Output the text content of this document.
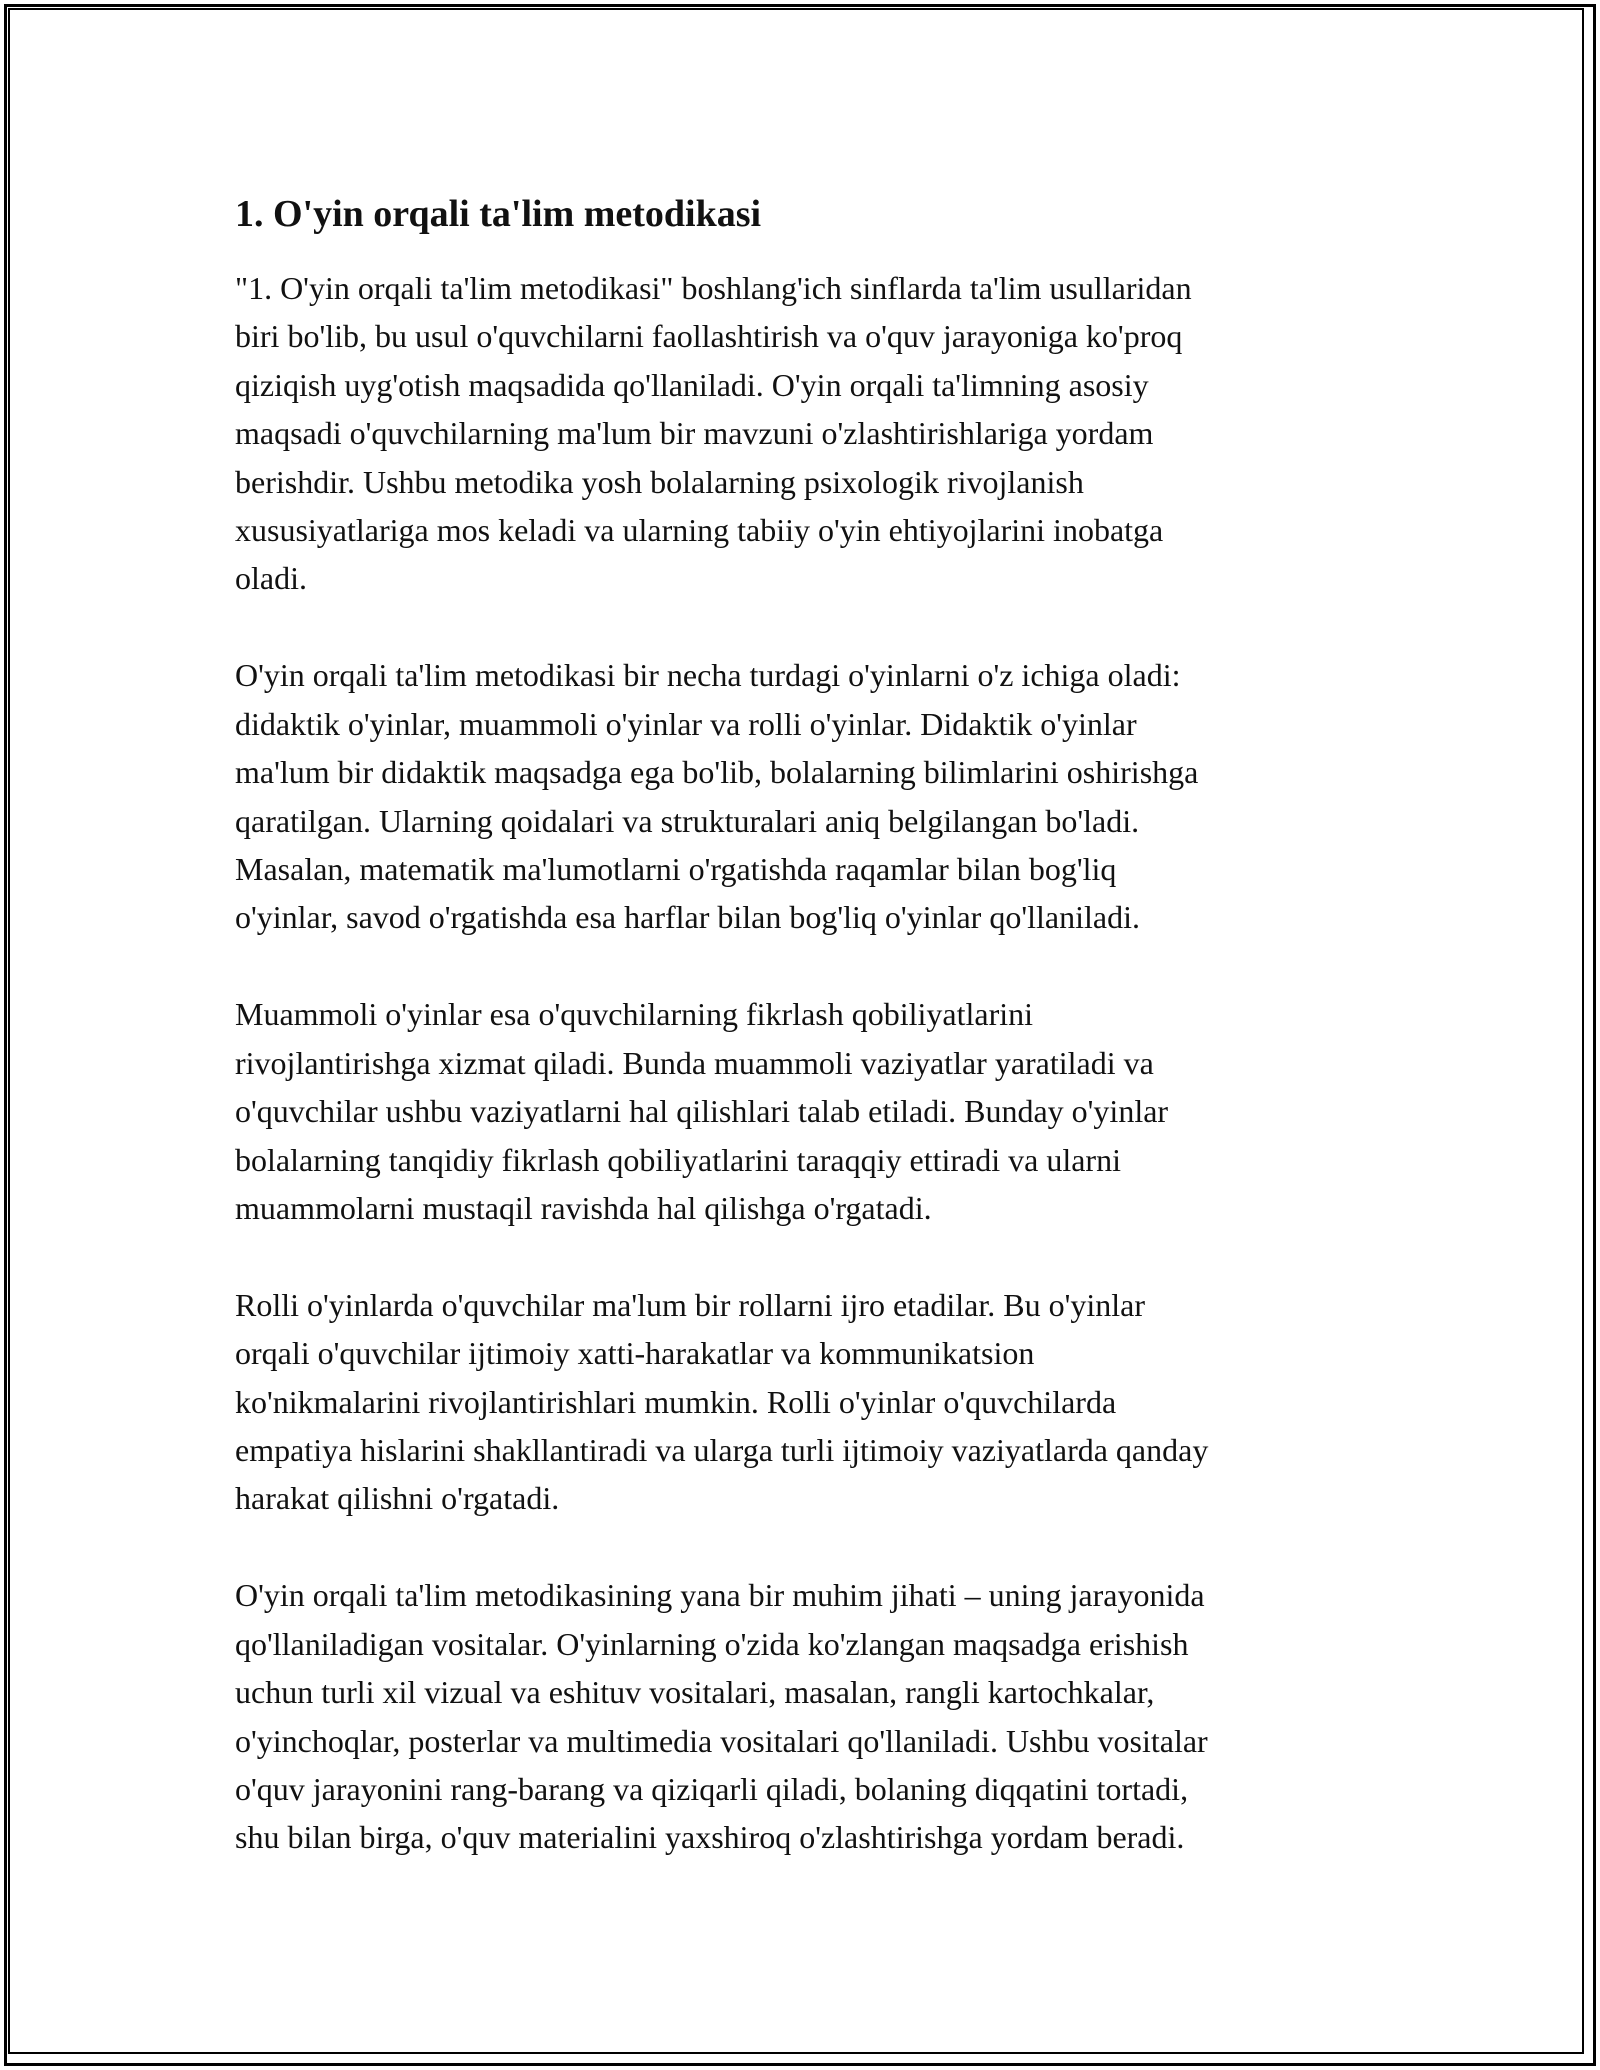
1. O'yin orqali ta'lim metodikasi

"1. O'yin orqali ta'lim metodikasi" boshlang'ich sinflarda ta'lim usullaridan
biri bo'lib, bu usul o'quvchilarni faollashtirish va o'quv jarayoniga ko'proq
qiziqish uyg'otish maqsadida qo'llaniladi. O'yin orqali ta'limning asosiy
maqsadi o'quvchilarning ma'lum bir mavzuni o'zlashtirishlariga yordam
berishdir. Ushbu metodika yosh bolalarning psixologik rivojlanish
xususiyatlariga mos keladi va ularning tabiiy o'yin ehtiyojlarini inobatga
oladi.

O'yin orqali ta'lim metodikasi bir necha turdagi o'yinlarni o'z ichiga oladi:
didaktik o'yinlar, muammoli o'yinlar va rolli o'yinlar. Didaktik o'yinlar
ma'lum bir didaktik maqsadga ega bo'lib, bolalarning bilimlarini oshirishga
qaratilgan. Ularning qoidalari va strukturalari aniq belgilangan bo'ladi.
Masalan, matematik ma'lumotlarni o'rgatishda raqamlar bilan bog'liq
o'yinlar, savod o'rgatishda esa harflar bilan bog'liq o'yinlar qo'llaniladi.

Muammoli o'yinlar esa o'quvchilarning fikrlash qobiliyatlarini
rivojlantirishga xizmat qiladi. Bunda muammoli vaziyatlar yaratiladi va
o'quvchilar ushbu vaziyatlarni hal qilishlari talab etiladi. Bunday o'yinlar
bolalarning tanqidiy fikrlash qobiliyatlarini taraqqiy ettiradi va ularni
muammolarni mustaqil ravishda hal qilishga o'rgatadi.

Rolli o'yinlarda o'quvchilar ma'lum bir rollarni ijro etadilar. Bu o'yinlar
orqali o'quvchilar ijtimoiy xatti-harakatlar va kommunikatsion
ko'nikmalarini rivojlantirishlari mumkin. Rolli o'yinlar o'quvchilarda
empatiya hislarini shakllantiradi va ularga turli ijtimoiy vaziyatlarda qanday
harakat qilishni o'rgatadi.

O'yin orqali ta'lim metodikasining yana bir muhim jihati – uning jarayonida
qo'llaniladigan vositalar. O'yinlarning o'zida ko'zlangan maqsadga erishish
uchun turli xil vizual va eshituv vositalari, masalan, rangli kartochkalar,
o'yinchoqlar, posterlar va multimedia vositalari qo'llaniladi. Ushbu vositalar
o'quv jarayonini rang-barang va qiziqarli qiladi, bolaning diqqatini tortadi,
shu bilan birga, o'quv materialini yaxshiroq o'zlashtirishga yordam beradi.
